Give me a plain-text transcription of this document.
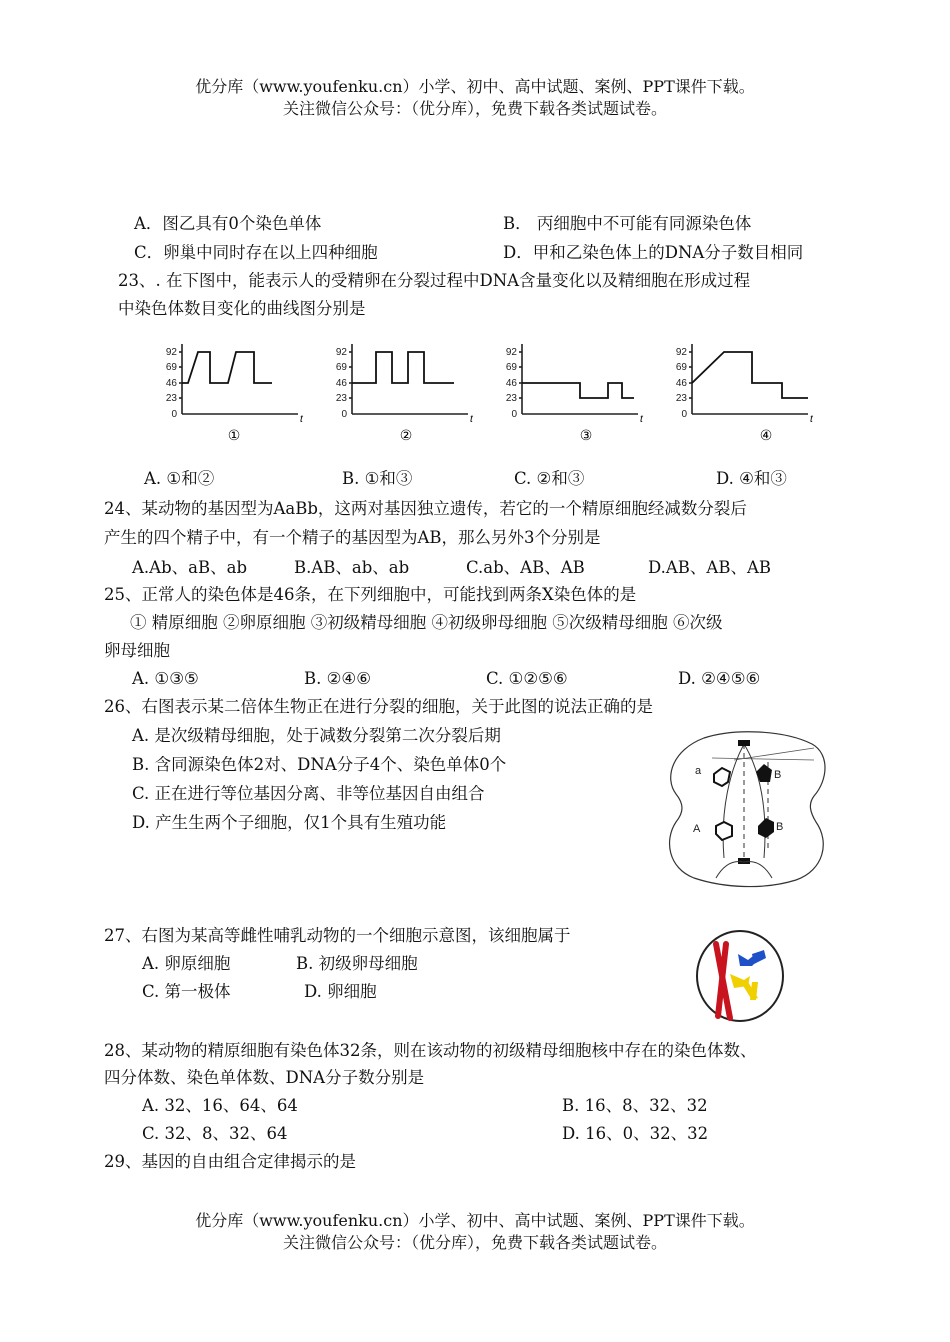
优分库（www.youfenku.cn）小学、初中、高中试题、案例、PPT课件下载。
关注微信公众号：（优分库），免费下载各类试题试卷。
A．图乙具有0个染色单体	B． 丙细胞中不可能有同源染色体
C．卵巢中同时存在以上四种细胞	D．甲和乙染色体上的DNA分子数目相同
23、. 在下图中，能表示人的受精卵在分裂过程中DNA含量变化以及精细胞在形成过程
中染色体数目变化的曲线图分别是
92
69
46
23
0	t
①
92
69
46
23
0	t
②
92
69
46
23
0	t
③
92
69
46
23
0	t
④
A. ①和②	B. ①和③	C. ②和③	D. ④和③
24、某动物的基因型为AaBb，这两对基因独立遗传，若它的一个精原细胞经减数分裂后
产生的四个精子中，有一个精子的基因型为AB，那么另外3个分别是
A.Ab、aB、ab	B.AB、ab、ab	C.ab、AB、AB	D.AB、AB、AB
25、正常人的染色体是46条，在下列细胞中，可能找到两条X染色体的是
① 精原细胞 ②卵原细胞 ③初级精母细胞 ④初级卵母细胞 ⑤次级精母细胞 ⑥次级
卵母细胞
A. ①③⑤	B. ②④⑥	C. ①②⑤⑥	D. ②④⑤⑥
26、右图表示某二倍体生物正在进行分裂的细胞，关于此图的说法正确的是
A. 是次级精母细胞，处于减数分裂第二次分裂后期
B. 含同源染色体2对、DNA分子4个、染色单体0个
C. 正在进行等位基因分离、非等位基因自由组合
D. 产生生两个子细胞，仅1个具有生殖功能
a	B
A	B
27、右图为某高等雌性哺乳动物的一个细胞示意图，该细胞属于
A. 卵原细胞	B. 初级卵母细胞
C. 第一极体	D. 卵细胞
28、某动物的精原细胞有染色体32条，则在该动物的初级精母细胞核中存在的染色体数、
四分体数、染色单体数、DNA分子数分别是
A. 32、16、64、64	B. 16、8、32、32
C. 32、8、32、64	D. 16、0、32、32
29、基因的自由组合定律揭示的是
优分库（www.youfenku.cn）小学、初中、高中试题、案例、PPT课件下载。
关注微信公众号：（优分库），免费下载各类试题试卷。
